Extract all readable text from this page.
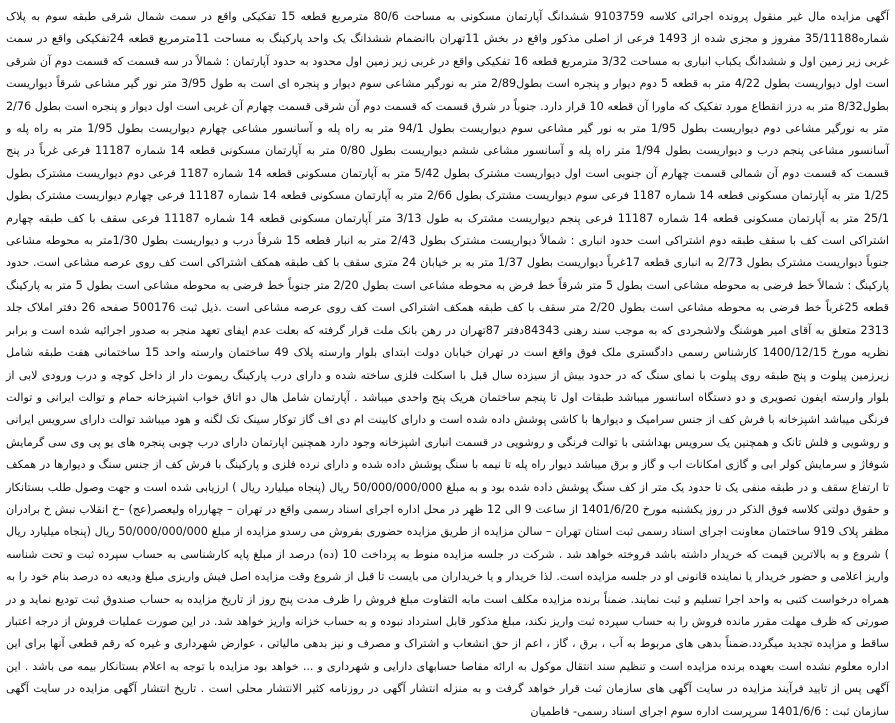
آگهی مزایده مال غیر منقول پرونده اجرائی کلاسه 9103759 ششدانگ آپارتمان مسکونی به مساحت 80/6 مترمربع قطعه 15 تفکیکی واقع در سمت شمال شرقی طبقه سوم به پلاک شماره35/11188 مفروز و مجزی شده از 1493 فرعی از اصلی مذکور واقع در بخش 11تهران باانضمام ششدانگ یک واحد پارکینگ به مساحت 11مترمربع قطعه 24تفکیکی واقع در سمت غربی زیر زمین اول و ششدانگ یکباب انباری به مساحت 3/32 مترمربع قطعه 16 تفکیکی واقع در غربی زیر زمین اول محدود به حدود آپارتمان : شمالاً در سه قسمت که قسمت دوم آن شرقی است اول دیواریست بطول 4/22 متر به قطعه 5 دوم دیوار و پنجره است بطول2/89 متر به نورگیر مشاعی سوم دیوار و پنجره ای است به طول 3/95 متر نور گیر مشاعی شرقاً دیواریست بطول8/32 متر به درز انقطاع مورد تفکیک که ماورا آن قطعه 10 قرار دارد. جنوباً در شرق قسمت که قسمت دوم آن شرقی قسمت چهارم آن غربی است اول دیوار و پنجره است بطول 2/76 متر به نورگیر مشاعی دوم دیواریست بطول 1/95 متر به نور گیر مشاعی سوم دیواریست بطول 94/1 متر به راه پله و آسانسور مشاعی چهارم دیواریست بطول 1/95 متر به راه پله و آسانسور مشاعی پنجم درب و دیواریست بطول 1/94 متر راه پله و آسانسور مشاعی ششم دیواریست بطول 0/80 متر به آپارتمان مسکونی قطعه 14 شماره 11187 فرعی غرباً در پنج قسمت که قسمت دوم آن شمالی قسمت چهارم آن جنوبی است اول دیواریست مشترک بطول 5/42 متر به آپارتمان مسکونی قطعه 14 شماره 1187 فرعی دوم دیواریست مشترک بطول 1/25 متر به آپارتمان مسکونی قطعه 14 شماره 1187 فرعی سوم دیواریست مشترک بطول 2/66 متر به آپارتمان مسکونی قطعه 14 شماره 11187 فرعی چهارم دیواریست مشترک بطول 25/1 متر به آپارتمان مسکونی قطعه 14 شماره 11187 فرعی پنجم دیواریست مشترک به طول 3/13 متر آپارتمان مسکونی قطعه 14 شماره 11187 فرعی سقف با کف طبقه چهارم اشتراکی است کف با سقف طبقه دوم اشتراکی است حدود انباری : شمالاً دیواریست مشترک بطول 2/43 متر به انبار قطعه 15 شرقاً درب و دیواریست بطول 1/30متر به محوطه مشاعی جنوباً دیواریست مشترک بطول 2/73 به انباری قطعه 17غرباً دیواریست بطول 1/37 متر به بر خیابان 24 متری سقف با کف طبقه همکف اشتراکی است کف روی عرصه مشاعی است. حدود پارکینگ : شمالاً خط فرضی به محوطه مشاعی است بطول 5 متر شرقاً خط فرض به محوطه مشاعی است بطول 2/20 متر جنوباً خط فرضی به محوطه مشاعی است بطول 5 متر به پارکینگ قطعه 25غرباً خط فرضی به محوطه مشاعی است بطول 2/20 متر سقف با کف طبقه همکف اشتراکی است کف روی عرصه مشاعی است .ذیل ثبت 500176 صفحه 26 دفتر املاک جلد 2313 متعلق به آقای امیر هوشنگ ولاشجردی که به موجب سند رهنی 84343دفتر 87تهران در رهن بانک ملت قرار گرفته که بعلت عدم ایفای تعهد منجر به صدور اجرائیه شده است و برابر نظریه مورخ 1400/12/15 کارشناس رسمی دادگستری ملک فوق واقع است در تهران خیابان دولت ابتدای بلوار وارسته پلاک 49 ساختمان وارسته واحد 15 ساختمانی هفت طبقه شامل زیرزمین پیلوت و پنج طبقه روی پیلوت با نمای سنگ که در حدود بیش از سیزده سال قبل با اسکلت فلزی ساخته شده و دارای درب پارکینگ ریموت دار از داخل کوچه و درب ورودی لابی از بلوار وارسته ایفون تصویری و دو دستگاه اسانسور میباشد طبقات اول تا پنجم ساختمان هریک پنج واحدی میباشد . آپارتمان شامل هال دو اتاق خواب اشپزخانه حمام و توالت ایرانی و توالت فرنگی میباشد اشپزخانه با فرش کف از جنس سرامیک و دیوارها با کاشی پوشش داده شده است و دارای کابینت ام دی اف گاز توکار سینک تک لگنه و هود میباشد توالت دارای سرویس ایرانی و روشویی و فلش تانک و همچنین یک سرویس بهداشتی با توالت فرنگی و روشویی در قسمت انباری اشپزخانه وجود دارد همچنین اپارتمان دارای درب چوبی پنجره های یو پی وی سی گرمایش شوفاژ و سرمایش کولر ابی و گازی امکانات اب و گاز و برق میباشد دیوار راه پله تا نیمه با سنگ پوشش داده شده و دارای نرده فلزی و پارکینگ با فرش کف از جنس سنگ و دیوارها در همکف تا ارتفاع سقف و در طبقه منفی یک تا حدود یک متر از کف سنگ پوشش داده شده بود و به مبلغ 50/000/000/000 ریال (پنجاه میلیارد ریال ) ارزیابی شده است و جهت وصول طلب بستانکار و حقوق دولتی کلاسه فوق الذکر در روز یکشنبه مورخ 1401/6/20 از ساعت 9 الی 12 ظهر در محل اداره اجرای اسناد رسمی واقع در تهران – چهارراه ولیعصر(عج) –خ انقلاب نبش خ برادران مظفر پلاک 919 ساختمان معاونت اجرای اسناد رسمی ثبت استان تهران – سالن مزایده از طریق مزایده حضوری بفروش می رسدو مزایده از مبلغ 50/000/000/000 ریال (پنجاه میلیارد ریال ) شروع و به بالاترین قیمت که خریدار داشته باشد فروخته خواهد شد . شرکت در جلسه مزایده منوط به پرداخت 10 (ده) درصد از مبلغ پایه کارشناسی به حساب سپرده ثبت و تحت شناسه واریز اعلامی و حضور خریدار یا نماینده قانونی او در جلسه مزایده است. لذا خریدار و یا خریداران می بایست تا قبل از شروع وقت مزایده اصل فیش واریزی مبلغ ودیعه ده درصد بنام خود را به همراه درخواست کتبی به واحد اجرا تسلیم و ثبت نمایند. ضمناً برنده مزایده مکلف است مابه التفاوت مبلغ فروش را ظرف مدت پنج روز از تاریخ مزایده به حساب صندوق ثبت تودیع نماید و در صورتی که ظرف مهلت مقرر مانده فروش را به حساب سپرده ثبت واریز نکند، مبلغ مذکور قابل استرداد نبوده و به حساب خزانه واریز خواهد شد. در این صورت عملیات فروش از درجه اعتبار ساقط و مزایده تجدید میگردد.ضمناً بدهی های مربوط به آب ، برق ، گاز ، اعم از حق انشعاب و اشتراک و مصرف و نیز بدهی مالیاتی ، عوارض شهرداری و غیره که رقم قطعی آنها برای این اداره معلوم نشده است بعهده برنده مزایده است و تنظیم سند انتقال موکول به ارائه مفاصا حسابهای دارایی و شهرداری و ... خواهد بود مزایده با توجه به اعلام بستانکار بیمه می باشد . این آگهی پس از تایید فرآیند مزایده در سایت آگهی های سازمان ثبت قرار خواهد گرفت و به منزله انتشار آگهی در روزنامه کثیر الانتشار محلی است . تاریخ انتشار آگهی مزایده در سایت آگهی سازمان ثبت : 1401/6/6 سرپرست اداره سوم اجرای اسناد رسمی- فاطمیان
